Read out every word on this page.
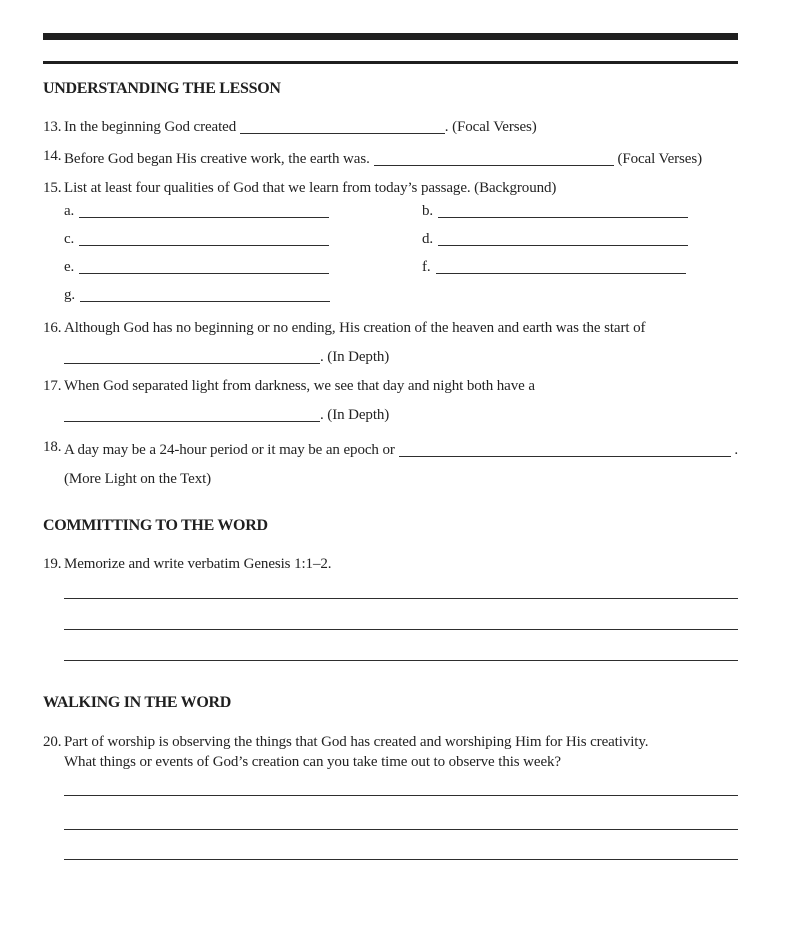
UNDERSTANDING THE LESSON
13. In the beginning God created	. (Focal Verses)
14. Before God began His creative work, the earth was.	(Focal Verses)
15. List at least four qualities of God that we learn from today’s passage. (Background)
a.	b.
c.	d.
e.	f.
g.
16. Although God has no beginning or no ending, His creation of the heaven and earth was the start of
. (In Depth)
17. When God separated light from darkness, we see that day and night both have a
. (In Depth)
18. A day may be a 24-hour period or it may be an epoch or	.
(More Light on the Text)
COMMITTING TO THE WORD
19. Memorize and write verbatim Genesis 1:1–2.
WALKING IN THE WORD
20. Part of worship is observing the things that God has created and worshiping Him for His creativity.
What things or events of God’s creation can you take time out to observe this week?
